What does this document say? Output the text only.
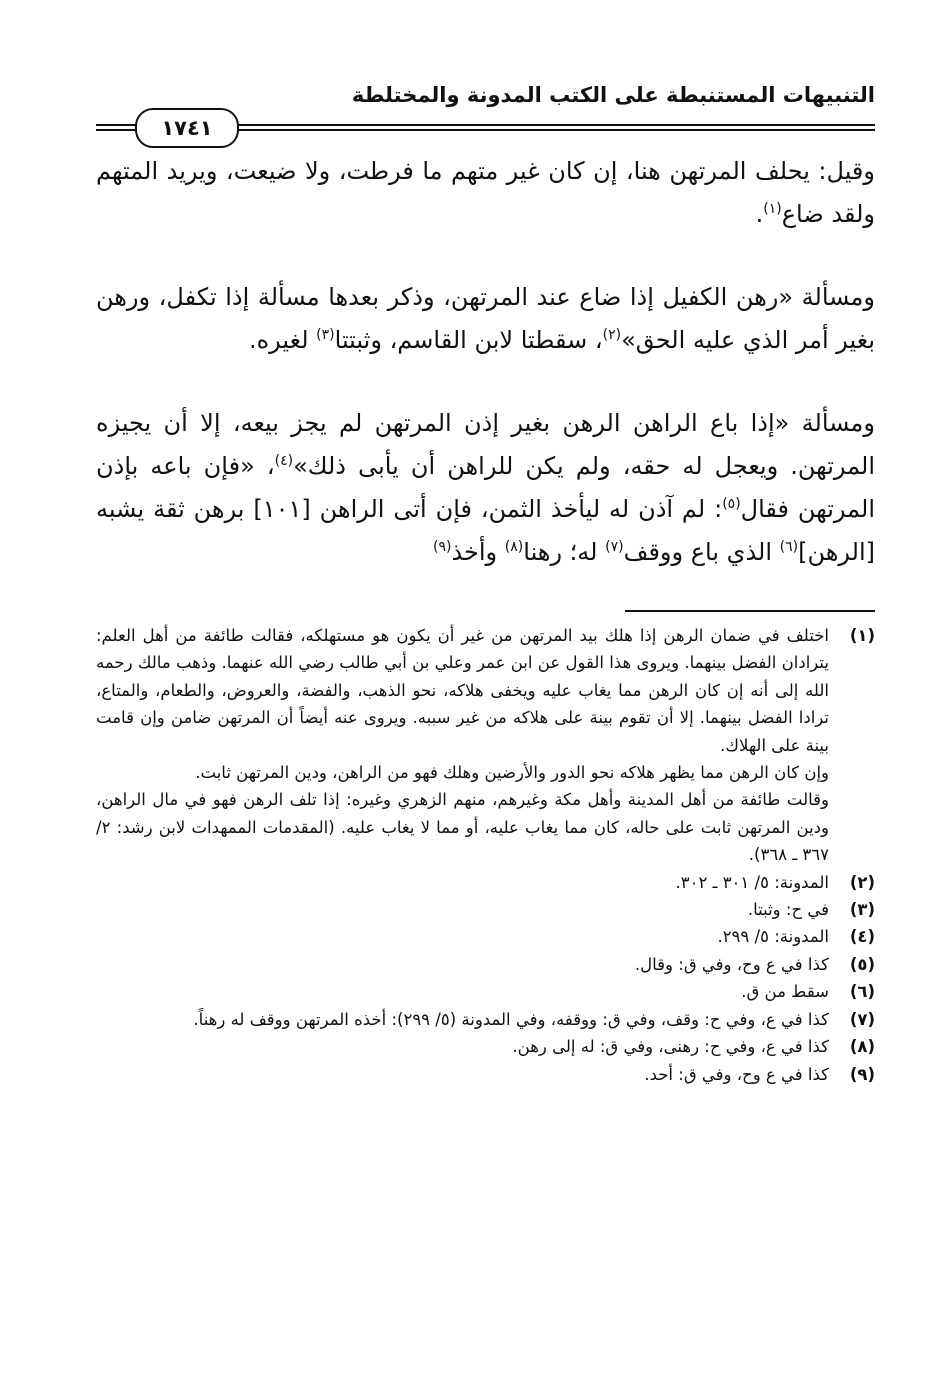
التنبيهات المستنبطة على الكتب المدونة والمختلطة
١٧٤١

وقيل: يحلف المرتهن هنا، إن كان غير متهم ما فرطت، ولا ضيعت، ويريد المتهم ولقد ضاع$^{(١)}$.

ومسألة «رهن الكفيل إذا ضاع عند المرتهن، وذكر بعدها مسألة إذا تكفل، ورهن بغير أمر الذي عليه الحق»$^{(٢)}$، سقطتا لابن القاسم، وثبتتا$^{(٣)}$ لغيره.

ومسألة «إذا باع الراهن الرهن بغير إذن المرتهن لم يجز بيعه، إلا أن يجيزه المرتهن. ويعجل له حقه، ولم يكن للراهن أن يأبى ذلك»$^{(٤)}$، «فإن باعه بإذن المرتهن فقال$^{(٥)}$: لم آذن له ليأخذ الثمن، فإن أتى الراهن [١٠١] برهن ثقة يشبه [الرهن]$^{(٦)}$ الذي باع ووقف$^{(٧)}$ له؛ رهنا$^{(٨)}$ وأخذ$^{(٩)}$

(١)

اختلف في ضمان الرهن إذا هلك بيد المرتهن من غير أن يكون هو مستهلكه، فقالت طائفة من أهل العلم: يترادان الفضل بينهما. ويروى هذا القول عن ابن عمر وعلي بن أبي طالب رضي الله عنهما. وذهب مالك رحمه الله إلى أنه إن كان الرهن مما يغاب عليه ويخفى هلاكه، نحو الذهب، والفضة، والعروض، والطعام، والمتاع، ترادا الفضل بينهما. إلا أن تقوم بينة على هلاكه من غير سببه. ويروى عنه أيضاً أن المرتهن ضامن وإن قامت بينة على الهلاك.

وإن كان الرهن مما يظهر هلاكه نحو الدور والأرضين وهلك فهو من الراهن، ودين المرتهن ثابت.

وقالت طائفة من أهل المدينة وأهل مكة وغيرهم، منهم الزهري وغيره: إذا تلف الرهن فهو في مال الراهن، ودين المرتهن ثابت على حاله، كان مما يغاب عليه، أو مما لا يغاب عليه. (المقدمات الممهدات لابن رشد: ٢/ ٣٦٧ ـ ٣٦٨).

(٢)
المدونة: ٥/ ٣٠١ ـ ٣٠٢.
(٣)
في ح: وثبتا.
(٤)
المدونة: ٥/ ٢٩٩.
(٥)
كذا في ع وح، وفي ق: وقال.
(٦)
سقط من ق.
(٧)
كذا في ع، وفي ح: وقف، وفي ق: ووقفه، وفي المدونة (٥/ ٢٩٩): أخذه المرتهن ووقف له رهناً.
(٨)
كذا في ع، وفي ح: رهنى، وفي ق: له إلى رهن.
(٩)
كذا في ع وح، وفي ق: أحد.
